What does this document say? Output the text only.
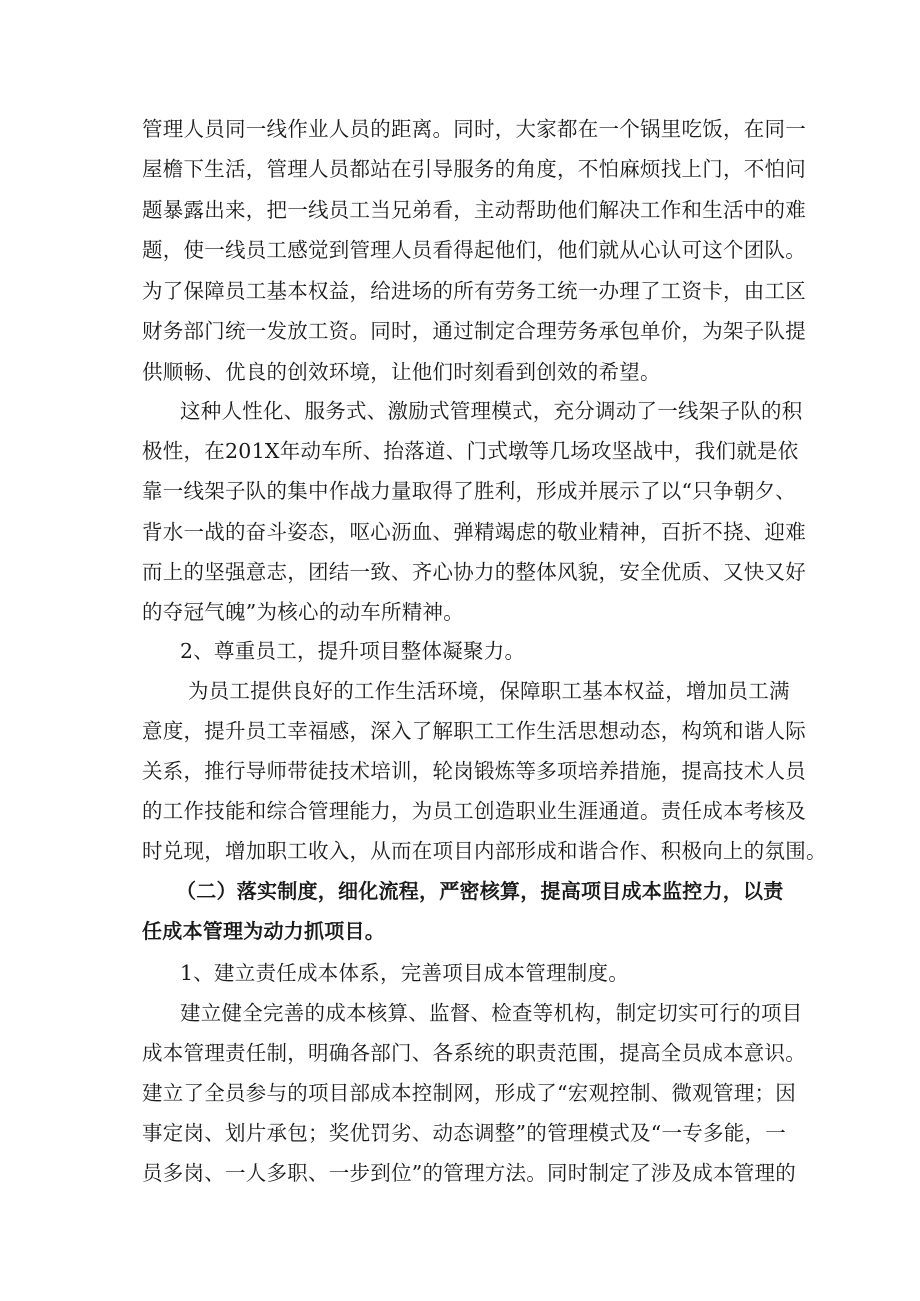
管理人员同一线作业人员的距离。同时，大家都在一个锅里吃饭，在同一
屋檐下生活，管理人员都站在引导服务的角度，不怕麻烦找上门，不怕问
题暴露出来，把一线员工当兄弟看，主动帮助他们解决工作和生活中的难
题，使一线员工感觉到管理人员看得起他们，他们就从心认可这个团队。
为了保障员工基本权益，给进场的所有劳务工统一办理了工资卡，由工区
财务部门统一发放工资。同时，通过制定合理劳务承包单价，为架子队提
供顺畅、优良的创效环境，让他们时刻看到创效的希望。
这种人性化、服务式、激励式管理模式，充分调动了一线架子队的积
极性，在201X年动车所、抬落道、门式墩等几场攻坚战中，我们就是依
靠一线架子队的集中作战力量取得了胜利，形成并展示了以“只争朝夕、
背水一战的奋斗姿态，呕心沥血、弹精竭虑的敬业精神，百折不挠、迎难
而上的坚强意志，团结一致、齐心协力的整体风貌，安全优质、又快又好
的夺冠气魄”为核心的动车所精神。
2、尊重员工，提升项目整体凝聚力。
为员工提供良好的工作生活环境，保障职工基本权益，增加员工满
意度，提升员工幸福感，深入了解职工工作生活思想动态，构筑和谐人际
关系，推行导师带徒技术培训，轮岗锻炼等多项培养措施，提高技术人员
的工作技能和综合管理能力，为员工创造职业生涯通道。责任成本考核及
时兑现，增加职工收入，从而在项目内部形成和谐合作、积极向上的氛围。
（二）落实制度，细化流程，严密核算，提高项目成本监控力，以责
任成本管理为动力抓项目。
1、建立责任成本体系，完善项目成本管理制度。
建立健全完善的成本核算、监督、检查等机构，制定切实可行的项目
成本管理责任制，明确各部门、各系统的职责范围，提高全员成本意识。
建立了全员参与的项目部成本控制网，形成了“宏观控制、微观管理；因
事定岗、划片承包；奖优罚劣、动态调整”的管理模式及“一专多能，一
员多岗、一人多职、一步到位”的管理方法。同时制定了涉及成本管理的
